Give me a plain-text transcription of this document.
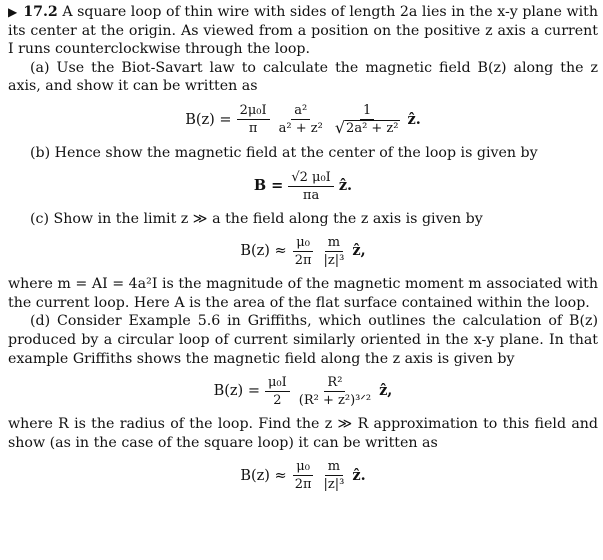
▶ 17.2 A square loop of thin wire with sides of length 2a lies in the x-y plane with its center at the origin. As viewed from a position on the positive z axis a current I runs counterclockwise through the loop.

(a) Use the Biot-Savart law to calculate the magnetic field B(z) along the z axis, and show it can be written as

$B(z) = \frac{\text{2μ₀I}}{\pi} \frac{\text{a²}}{\text{a² + z²}} \frac{1}{\text{√ 2a² + z²}}$ ẑ.

(b) Hence show the magnetic field at the center of the loop is given by

$B = \frac{\text{√2 μ₀I}}{\pi a}$ ẑ.

(c) Show in the limit z ≫ a the field along the z axis is given by

$B(z) \approx \frac{\text{μ₀}}{2\pi} \frac{m}{\text{|z|³}}$ ẑ,

where m = AI = 4a²I is the magnitude of the magnetic moment m associated with the current loop. Here A is the area of the flat surface contained within the loop.

(d) Consider Example 5.6 in Griffiths, which outlines the calculation of B(z) produced by a circular loop of current similarly oriented in the x-y plane. In that example Griffiths shows the magnetic field along the z axis is given by

$B(z) = \frac{\text{μ₀I}}{2} \frac{\text{R²}}{\text{(R² + z²)³ᐟ²}}$ ẑ,

where R is the radius of the loop. Find the z ≫ R approximation to this field and show (as in the case of the square loop) it can be written as

$B(z) \approx \frac{\text{μ₀}}{2\pi} \frac{m}{\text{|z|³}}$ ẑ.
